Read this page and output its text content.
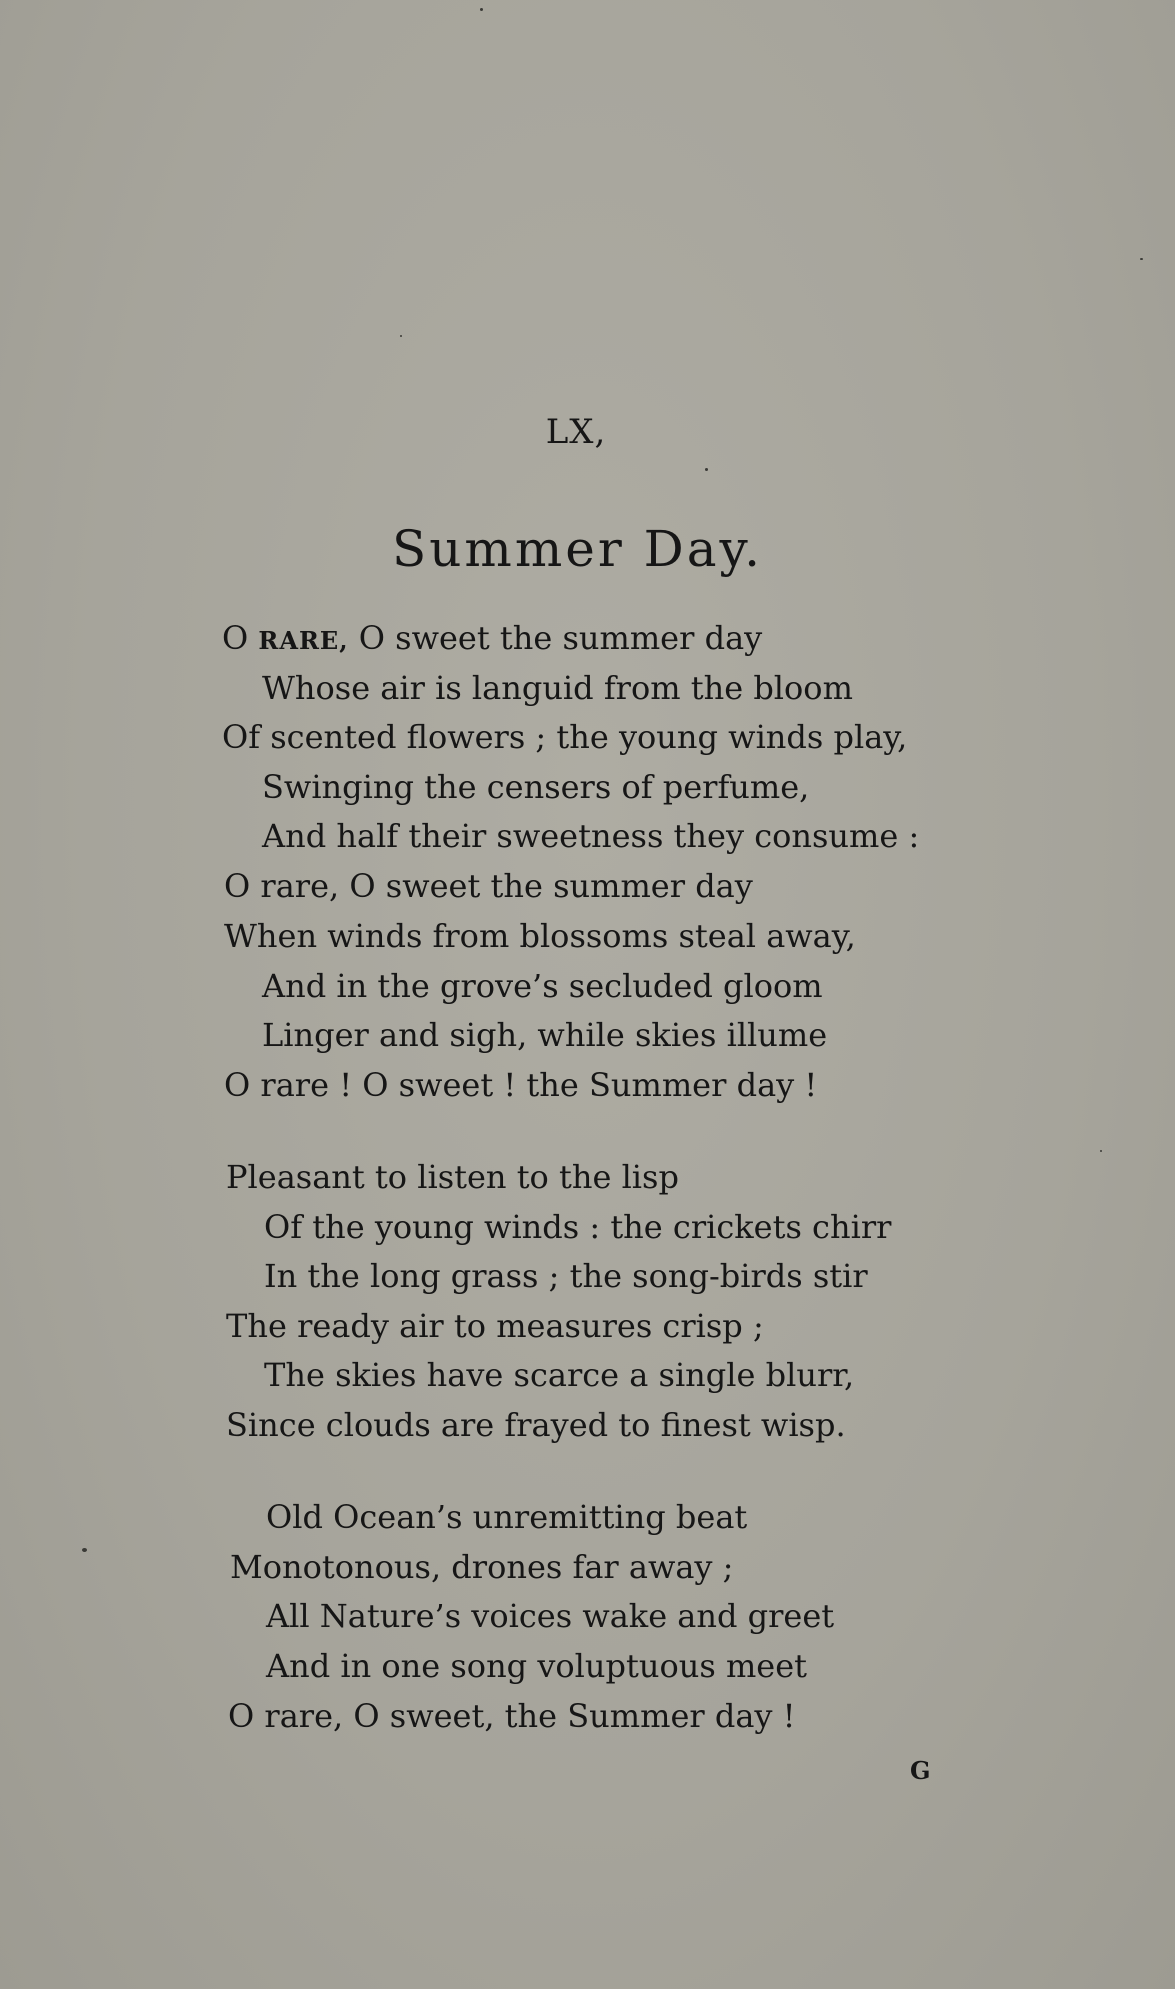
LX,
Summer Day.
O RARE, O sweet the summer day
Whose air is languid from the bloom
Of scented flowers ; the young winds play,
Swinging the censers of perfume,
And half their sweetness they consume :
O rare, O sweet the summer day
When winds from blossoms steal away,
And in the grove’s secluded gloom
Linger and sigh, while skies illume
O rare ! O sweet ! the Summer day !
Pleasant to listen to the lisp
Of the young winds : the crickets chirr
In the long grass ; the song-birds stir
The ready air to measures crisp ;
The skies have scarce a single blurr,
Since clouds are frayed to finest wisp.
Old Ocean’s unremitting beat
Monotonous, drones far away ;
All Nature’s voices wake and greet
And in one song voluptuous meet
O rare, O sweet, the Summer day !
G
